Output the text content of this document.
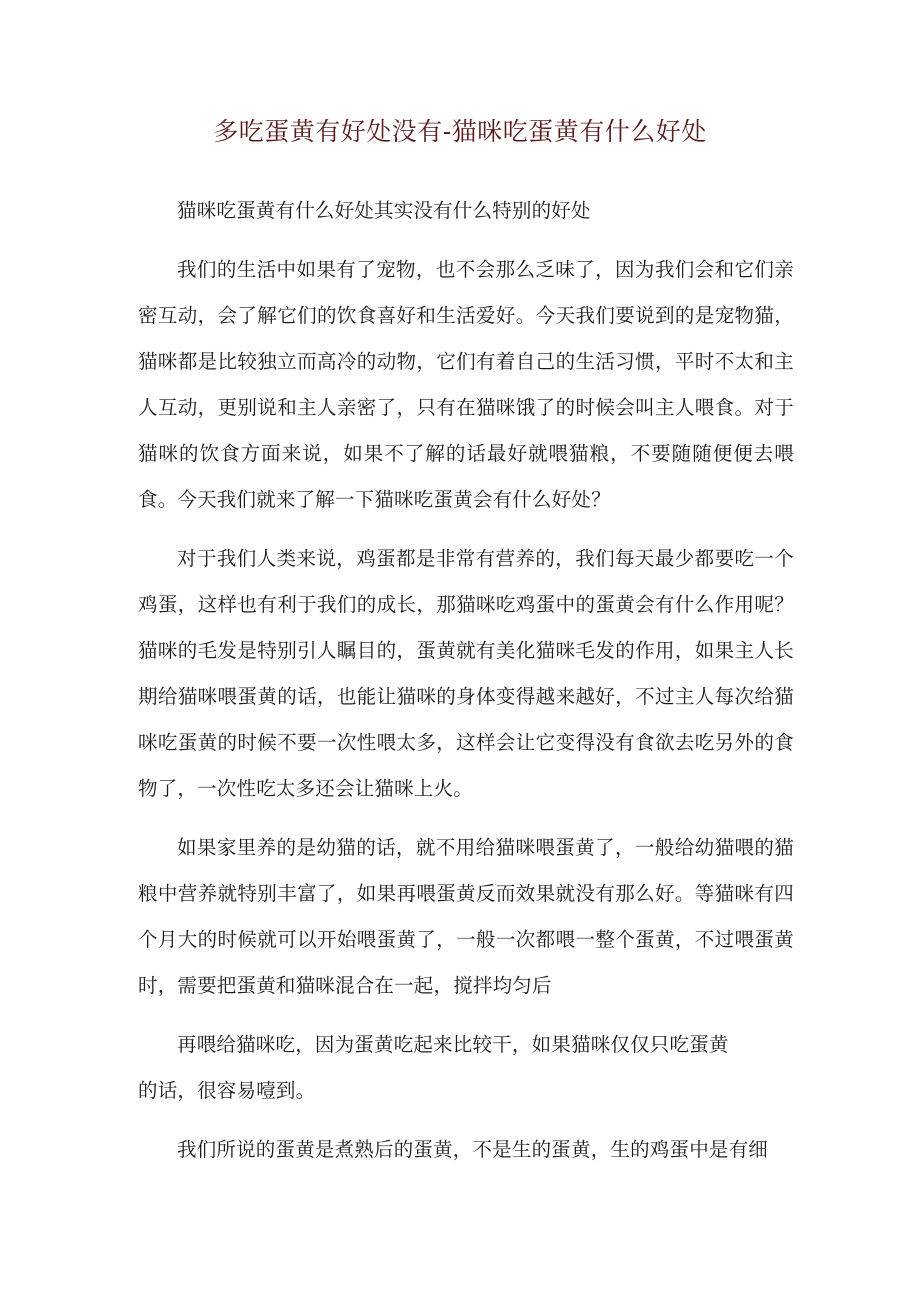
多吃蛋黄有好处没有-猫咪吃蛋黄有什么好处

猫咪吃蛋黄有什么好处其实没有什么特别的好处

我们的生活中如果有了宠物，也不会那么乏味了，因为我们会和它们亲密互动，会了解它们的饮食喜好和生活爱好。今天我们要说到的是宠物猫，猫咪都是比较独立而高冷的动物，它们有着自己的生活习惯，平时不太和主人互动，更别说和主人亲密了，只有在猫咪饿了的时候会叫主人喂食。对于猫咪的饮食方面来说，如果不了解的话最好就喂猫粮，不要随随便便去喂食。今天我们就来了解一下猫咪吃蛋黄会有什么好处？

对于我们人类来说，鸡蛋都是非常有营养的，我们每天最少都要吃一个鸡蛋，这样也有利于我们的成长，那猫咪吃鸡蛋中的蛋黄会有什么作用呢？猫咪的毛发是特别引人瞩目的，蛋黄就有美化猫咪毛发的作用，如果主人长期给猫咪喂蛋黄的话，也能让猫咪的身体变得越来越好，不过主人每次给猫咪吃蛋黄的时候不要一次性喂太多，这样会让它变得没有食欲去吃另外的食物了，一次性吃太多还会让猫咪上火。

如果家里养的是幼猫的话，就不用给猫咪喂蛋黄了，一般给幼猫喂的猫粮中营养就特别丰富了，如果再喂蛋黄反而效果就没有那么好。等猫咪有四个月大的时候就可以开始喂蛋黄了，一般一次都喂一整个蛋黄，不过喂蛋黄时，需要把蛋黄和猫咪混合在一起，搅拌均匀后

再喂给猫咪吃，因为蛋黄吃起来比较干，如果猫咪仅仅只吃蛋黄

的话，很容易噎到。

我们所说的蛋黄是煮熟后的蛋黄，不是生的蛋黄，生的鸡蛋中是有细
